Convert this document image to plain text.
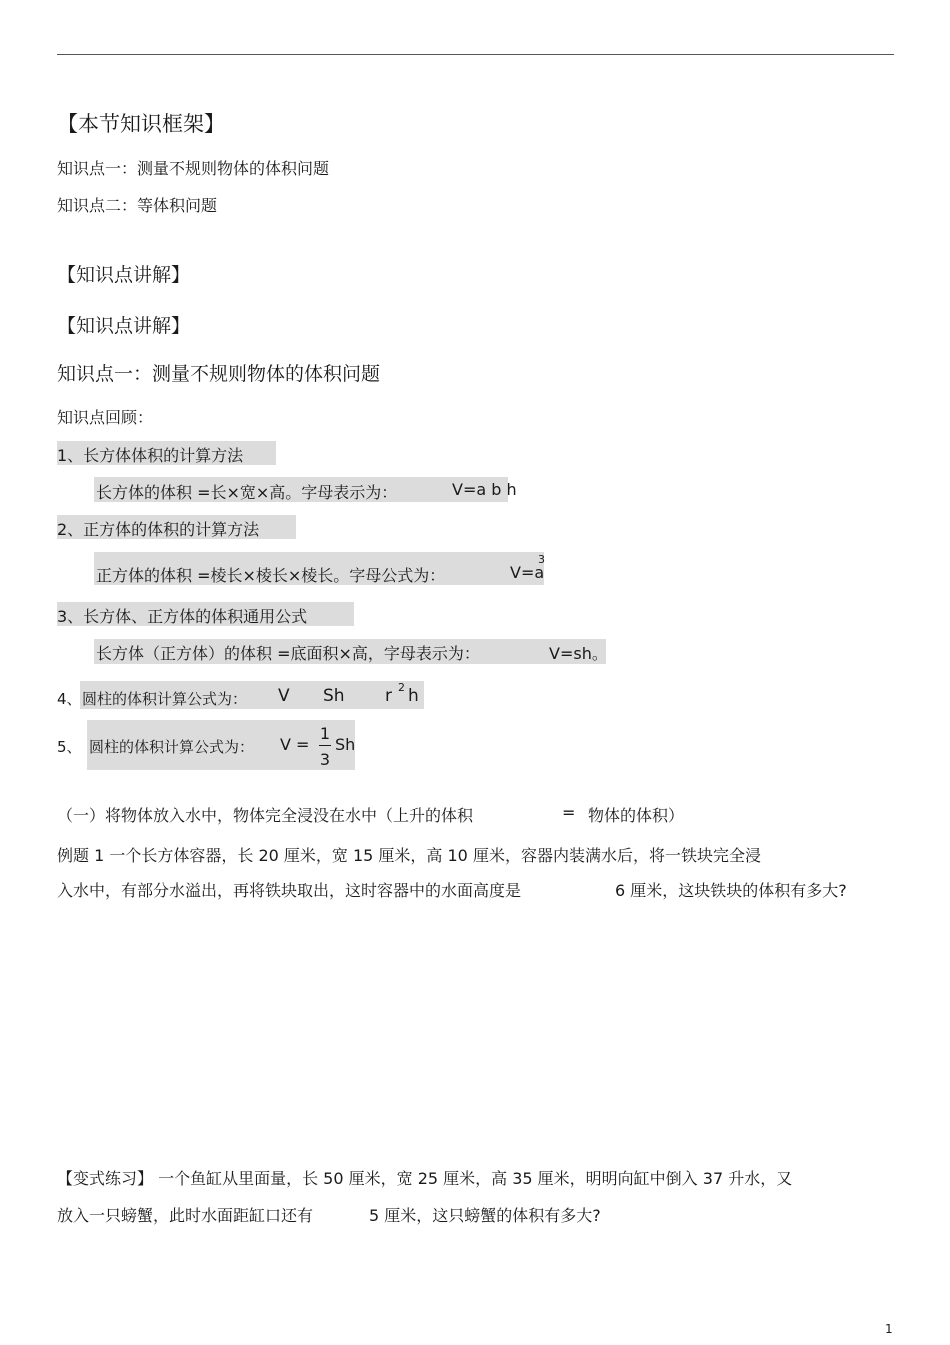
【本节知识框架】
知识点一：测量不规则物体的体积问题
知识点二：等体积问题
【知识点讲解】
【知识点讲解】
知识点一：测量不规则物体的体积问题
知识点回顾：
1、长方体体积的计算方法
长方体的体积 =长×宽×高。字母表示为：	V=a b h
2、正方体的体积的计算方法
正方体的体积 =棱长×棱长×棱长。字母公式为：	V=a
3
3、长方体、正方体的体积通用公式
长方体（正方体）的体积 =底面积×高，字母表示为：	V=sh。
4、 圆柱的体积计算公式为： V Sh r 2 h
5、 圆柱的体积计算公式为： V =
1
3
Sh
（一）将物体放入水中，物体完全浸没在水中（上升的体积	= 物体的体积）
例题 1 一个长方体容器，长 20 厘米，宽 15 厘米，高 10 厘米，容器内装满水后，将一铁块完全浸
入水中，有部分水溢出，再将铁块取出，这时容器中的水面高度是	6 厘米，这块铁块的体积有多大?
【变式练习】 一个鱼缸从里面量，长 50 厘米，宽 25 厘米，高 35 厘米，明明向缸中倒入 37 升水，又
放入一只螃蟹，此时水面距缸口还有	5 厘米，这只螃蟹的体积有多大?
1
